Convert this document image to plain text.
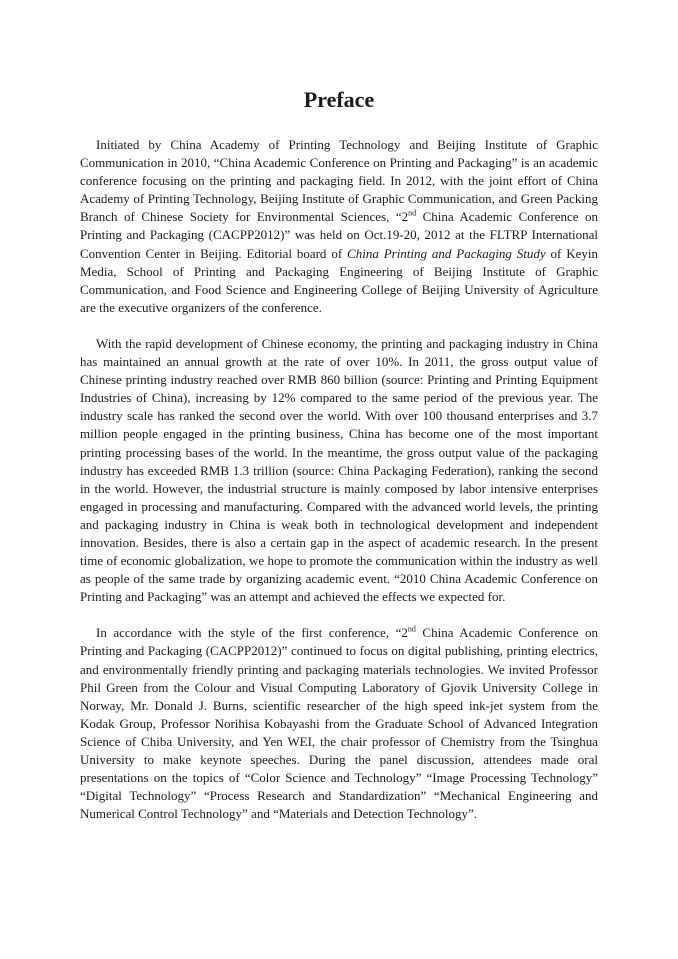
Preface

Initiated by China Academy of Printing Technology and Beijing Institute of Graphic Communication in 2010, “China Academic Conference on Printing and Packaging” is an academic conference focusing on the printing and packaging field. In 2012, with the joint effort of China Academy of Printing Technology, Beijing Institute of Graphic Communication, and Green Packing Branch of Chinese Society for Environmental Sciences, “2nd China Academic Conference on Printing and Packaging (CACPP2012)” was held on Oct.19-20, 2012 at the FLTRP International Convention Center in Beijing. Editorial board of China Printing and Packaging Study of Keyin Media, School of Printing and Packaging Engineering of Beijing Institute of Graphic Communication, and Food Science and Engineering College of Beijing University of Agriculture are the executive organizers of the conference.

With the rapid development of Chinese economy, the printing and packaging industry in China has maintained an annual growth at the rate of over 10%. In 2011, the gross output value of Chinese printing industry reached over RMB 860 billion (source: Printing and Printing Equipment Industries of China), increasing by 12% compared to the same period of the previous year. The industry scale has ranked the second over the world. With over 100 thousand enterprises and 3.7 million people engaged in the printing business, China has become one of the most important printing processing bases of the world. In the meantime, the gross output value of the packaging industry has exceeded RMB 1.3 trillion (source: China Packaging Federation), ranking the second in the world. However, the industrial structure is mainly composed by labor intensive enterprises engaged in processing and manufacturing. Compared with the advanced world levels, the printing and packaging industry in China is weak both in technological development and independent innovation. Besides, there is also a certain gap in the aspect of academic research. In the present time of economic globalization, we hope to promote the communication within the industry as well as people of the same trade by organizing academic event. “2010 China Academic Conference on Printing and Packaging” was an attempt and achieved the effects we expected for.

In accordance with the style of the first conference, “2nd China Academic Conference on Printing and Packaging (CACPP2012)” continued to focus on digital publishing, printing electrics, and environmentally friendly printing and packaging materials technologies. We invited Professor Phil Green from the Colour and Visual Computing Laboratory of Gjovik University College in Norway, Mr. Donald J. Burns, scientific researcher of the high speed ink-jet system from the Kodak Group, Professor Norihisa Kobayashi from the Graduate School of Advanced Integration Science of Chiba University, and Yen WEI, the chair professor of Chemistry from the Tsinghua University to make keynote speeches. During the panel discussion, attendees made oral presentations on the topics of “Color Science and Technology” “Image Processing Technology” “Digital Technology” “Process Research and Standardization” “Mechanical Engineering and Numerical Control Technology” and “Materials and Detection Technology”.
